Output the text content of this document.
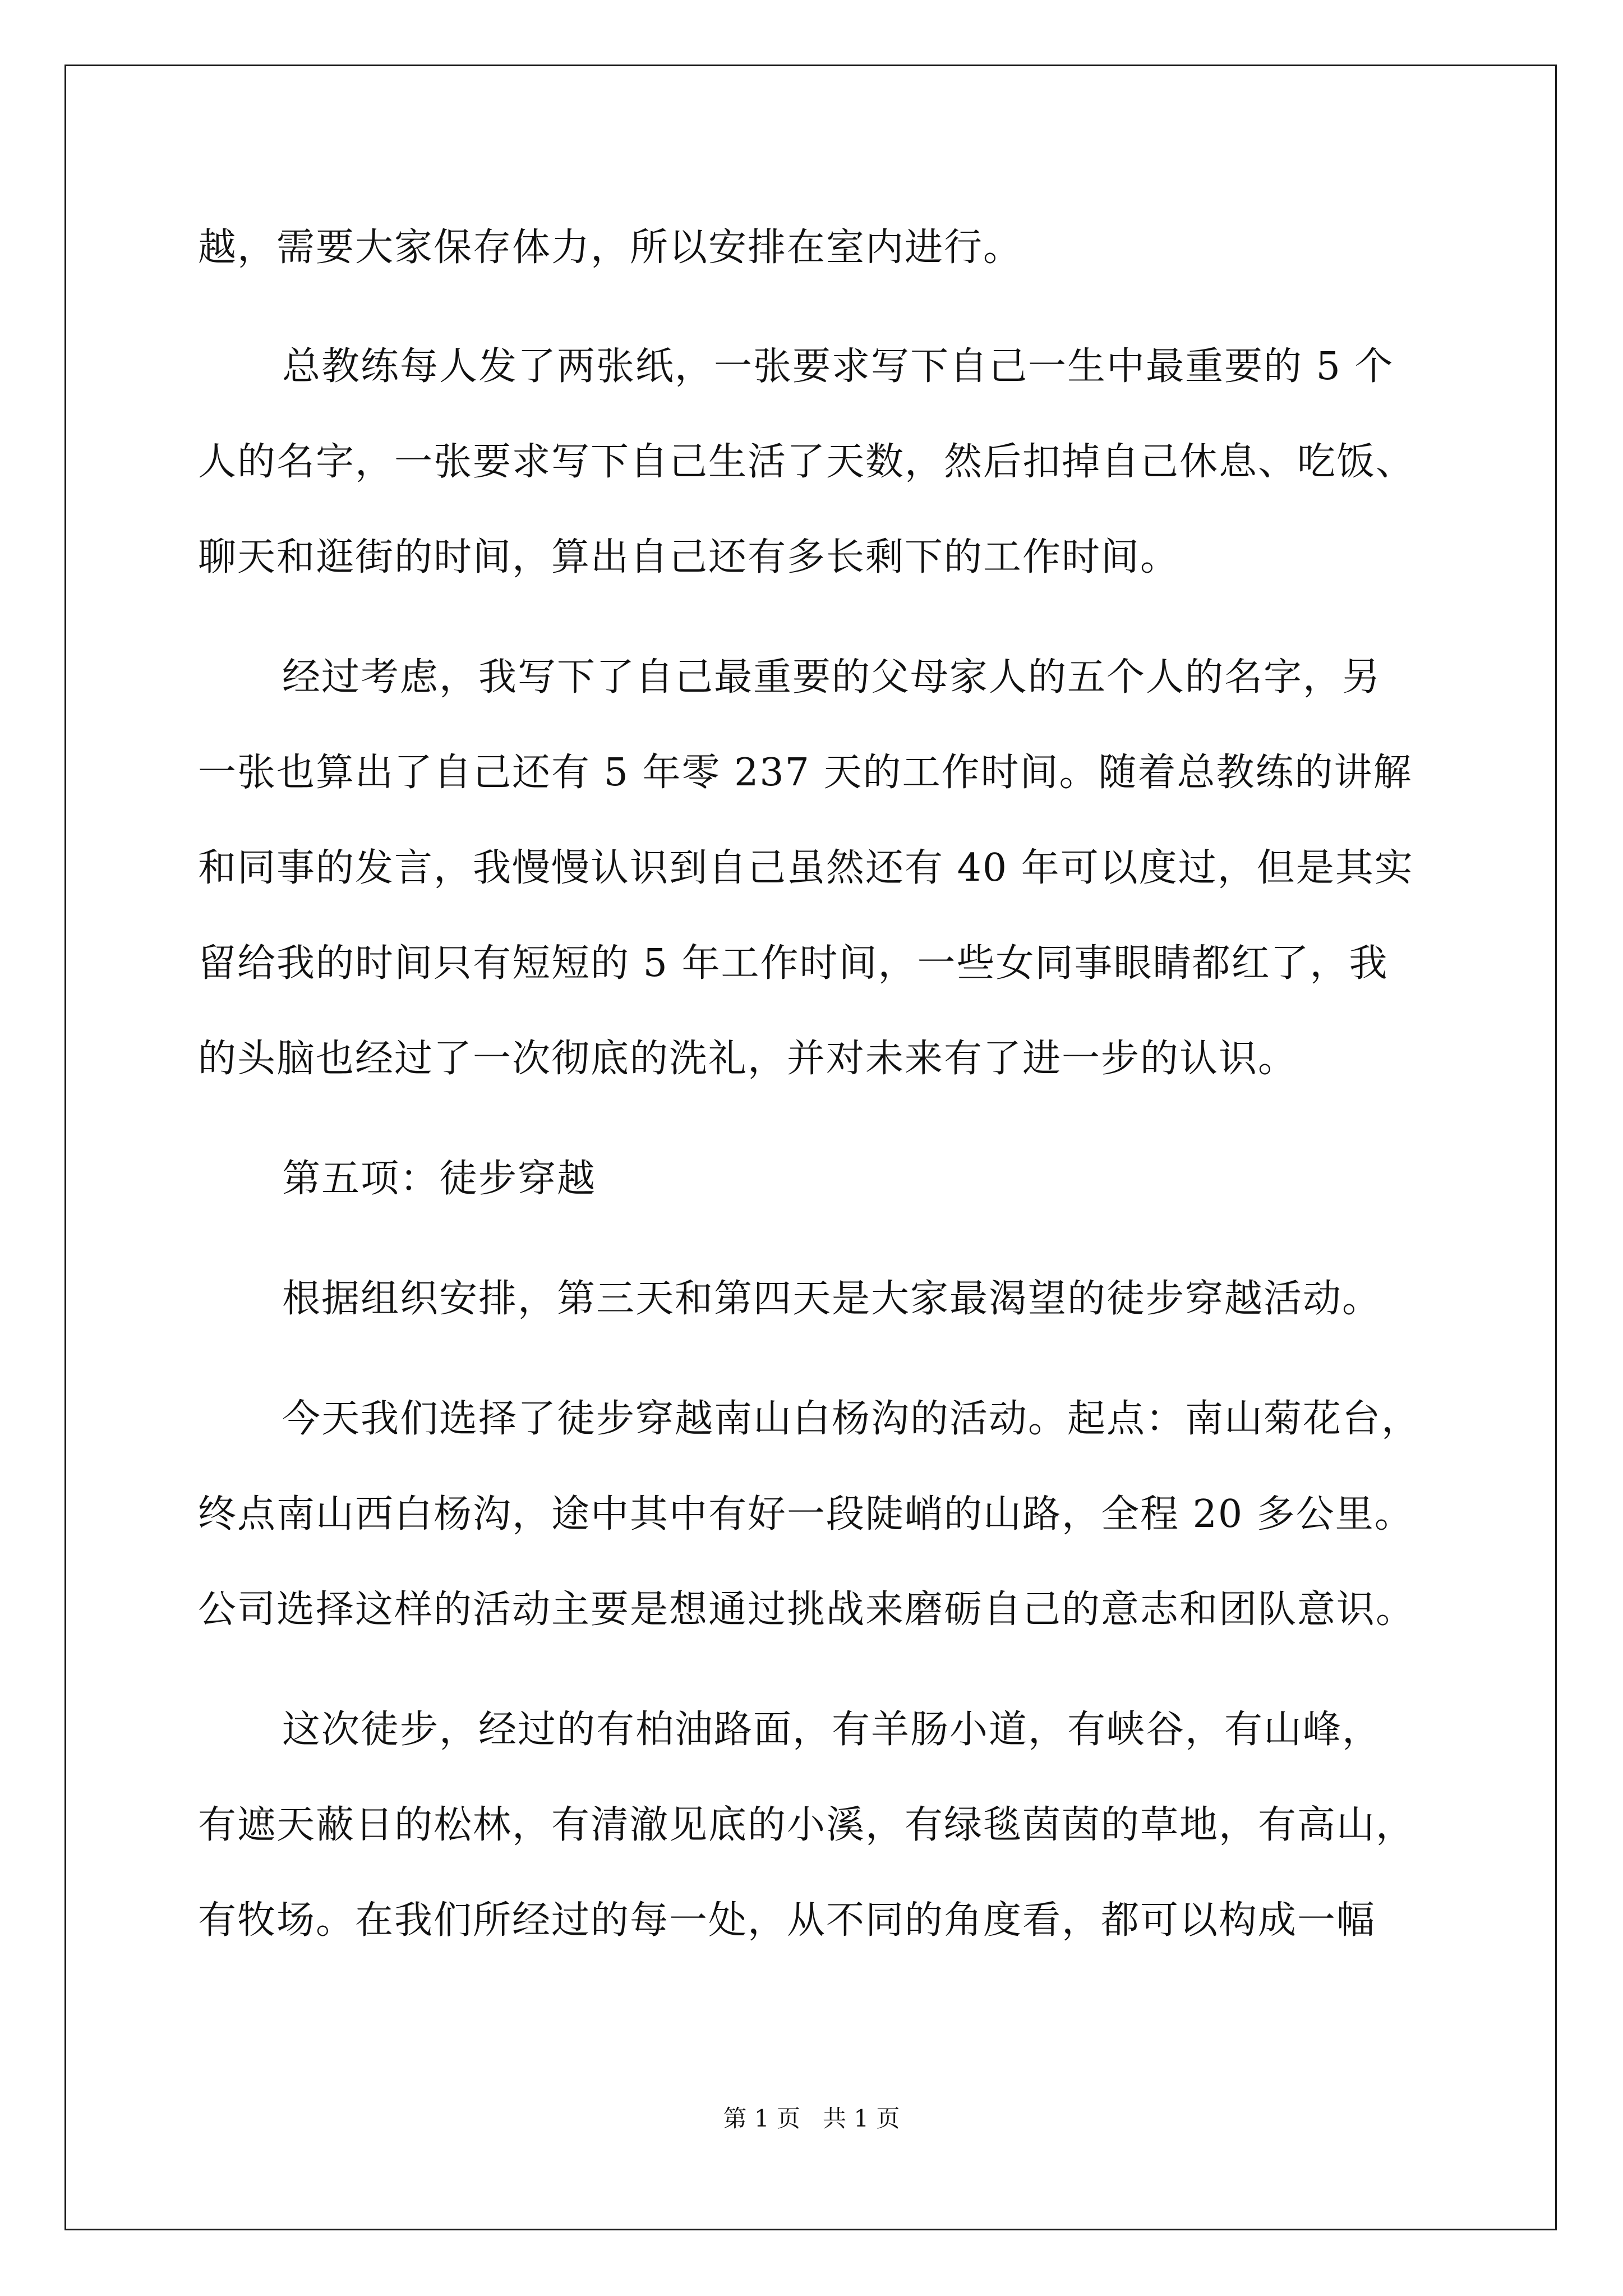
越，需要大家保存体力，所以安排在室内进行。
总教练每人发了两张纸，一张要求写下自己一生中最重要的 5 个
人的名字，一张要求写下自己生活了天数，然后扣掉自己休息、吃饭、
聊天和逛街的时间，算出自己还有多长剩下的工作时间。
经过考虑，我写下了自己最重要的父母家人的五个人的名字，另
一张也算出了自己还有 5 年零 237 天的工作时间。随着总教练的讲解
和同事的发言，我慢慢认识到自己虽然还有 40 年可以度过，但是其实
留给我的时间只有短短的 5 年工作时间，一些女同事眼睛都红了，我
的头脑也经过了一次彻底的洗礼，并对未来有了进一步的认识。
第五项：徒步穿越
根据组织安排，第三天和第四天是大家最渴望的徒步穿越活动。
今天我们选择了徒步穿越南山白杨沟的活动。起点：南山菊花台，
终点南山西白杨沟，途中其中有好一段陡峭的山路，全程 20 多公里。
公司选择这样的活动主要是想通过挑战来磨砺自己的意志和团队意识。
这次徒步，经过的有柏油路面，有羊肠小道，有峡谷，有山峰，
有遮天蔽日的松林，有清澈见底的小溪，有绿毯茵茵的草地，有高山，
有牧场。在我们所经过的每一处，从不同的角度看，都可以构成一幅
第 1 页   共 1 页
